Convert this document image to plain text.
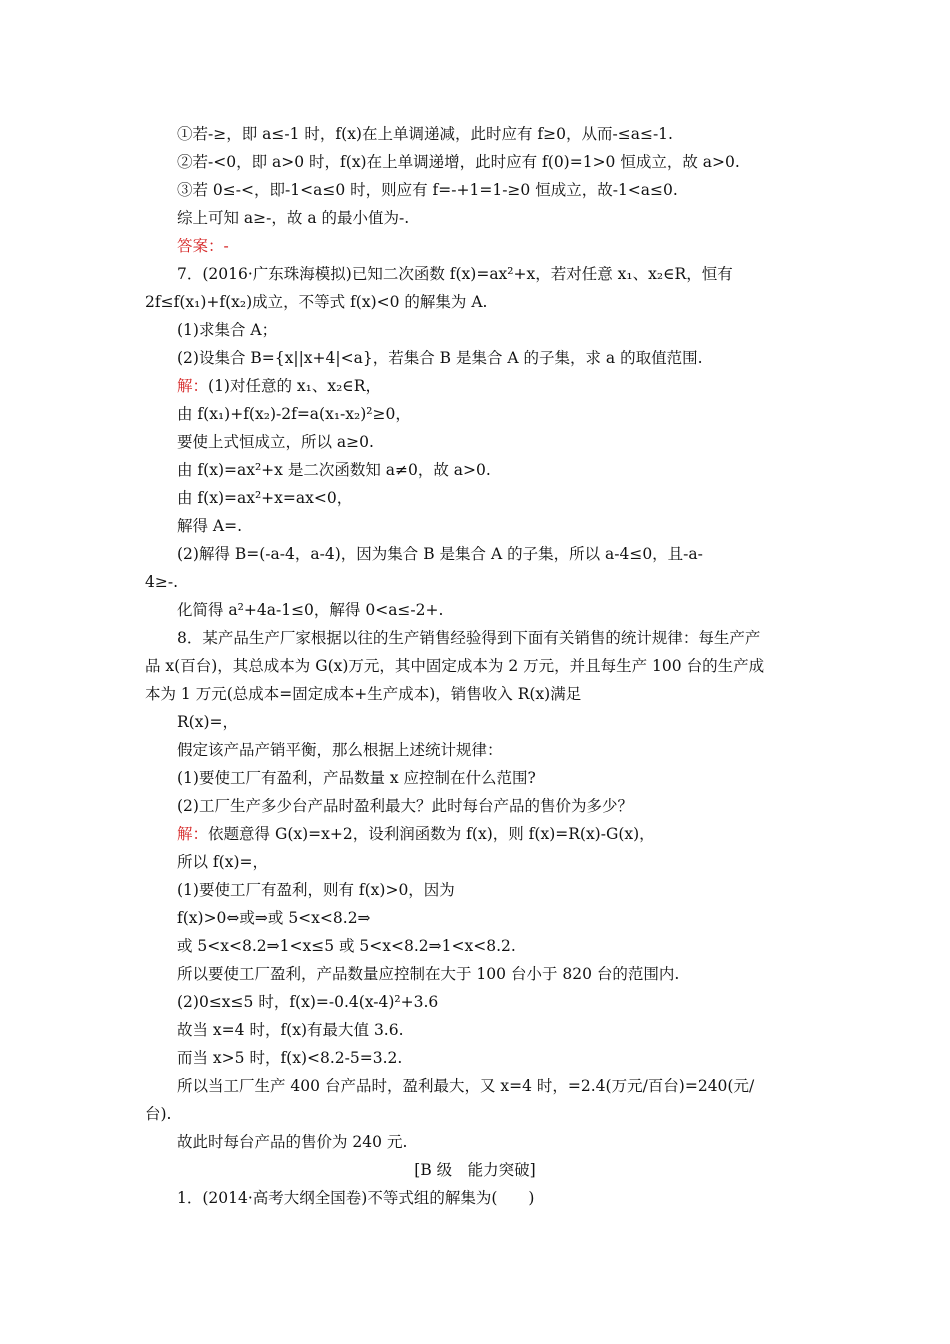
[B 级　能力突破]
①若-≥，即 a≤-1 时，f(x)在上单调递减，此时应有 f≥0，从而-≤a≤-1.
②若-<0，即 a>0 时，f(x)在上单调递增，此时应有 f(0)=1>0 恒成立，故 a>0.
③若 0≤-<，即-1<a≤0 时，则应有 f=-+1=1-≥0 恒成立，故-1<a≤0.
综上可知 a≥-，故 a 的最小值为-.
答案：-
7．(2016·广东珠海模拟)已知二次函数 f(x)=ax²+x，若对任意 x₁、x₂∈R，恒有
2f≤f(x₁)+f(x₂)成立，不等式 f(x)<0 的解集为 A.
(1)求集合 A；
(2)设集合 B={x||x+4|<a}，若集合 B 是集合 A 的子集，求 a 的取值范围.
解：(1)对任意的 x₁、x₂∈R，
由 f(x₁)+f(x₂)-2f=a(x₁-x₂)²≥0，
要使上式恒成立，所以 a≥0.
由 f(x)=ax²+x 是二次函数知 a≠0，故 a>0.
由 f(x)=ax²+x=ax<0，
解得 A=.
(2)解得 B=(-a-4，a-4)，因为集合 B 是集合 A 的子集，所以 a-4≤0，且-a-
4≥-.
化简得 a²+4a-1≤0，解得 0<a≤-2+.
8．某产品生产厂家根据以往的生产销售经验得到下面有关销售的统计规律：每生产产
品 x(百台)，其总成本为 G(x)万元，其中固定成本为 2 万元，并且每生产 100 台的生产成
本为 1 万元(总成本=固定成本+生产成本)，销售收入 R(x)满足
R(x)=，
假定该产品产销平衡，那么根据上述统计规律：
(1)要使工厂有盈利，产品数量 x 应控制在什么范围?
(2)工厂生产多少台产品时盈利最大？此时每台产品的售价为多少？
解：依题意得 G(x)=x+2，设利润函数为 f(x)，则 f(x)=R(x)-G(x)，
所以 f(x)=，
(1)要使工厂有盈利，则有 f(x)>0，因为
f(x)>0⇔或⇒或 5<x<8.2⇒
或 5<x<8.2⇒1<x≤5 或 5<x<8.2⇒1<x<8.2.
所以要使工厂盈利，产品数量应控制在大于 100 台小于 820 台的范围内.
(2)0≤x≤5 时，f(x)=-0.4(x-4)²+3.6
故当 x=4 时，f(x)有最大值 3.6.
而当 x>5 时，f(x)<8.2-5=3.2.
所以当工厂生产 400 台产品时，盈利最大，又 x=4 时，=2.4(万元/百台)=240(元/
台).
故此时每台产品的售价为 240 元.
1．(2014·高考大纲全国卷)不等式组的解集为(　　)
